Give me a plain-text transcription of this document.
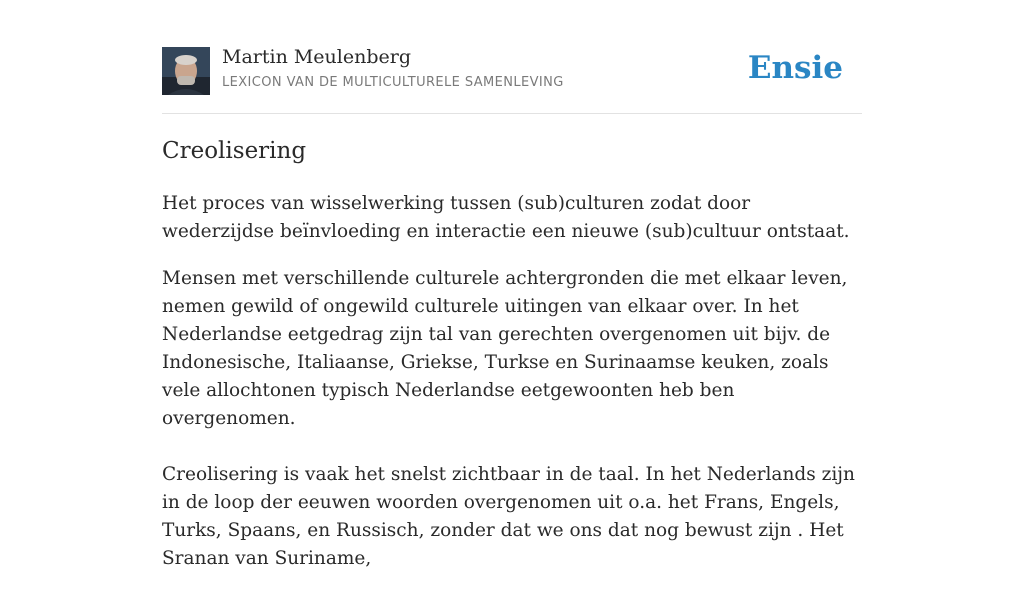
Martin Meulenberg
LEXICON VAN DE MULTICULTURELE SAMENLEVING	Ensie
Creolisering
Het proces van wisselwerking tussen (sub)culturen zodat door wederzijdse beïnvloeding en interactie een nieuwe (sub)cultuur ontstaat.

Mensen met verschillende culturele achtergronden die met elkaar leven, nemen gewild of ongewild culturele uitingen van elkaar over. In het Nederlandse eetgedrag zijn tal van gerechten overgenomen uit bijv. de Indonesische, Italiaanse, Griekse, Turkse en Surinaamse keuken, zoals vele allochtonen typisch Nederlandse eetgewoonten heb ben overgenomen.

Creolisering is vaak het snelst zichtbaar in de taal. In het Nederlands zijn in de loop der eeuwen woorden overgenomen uit o.a. het Frans, Engels, Turks, Spaans, en Russisch, zonder dat we ons dat nog bewust zijn . Het Sranan van Suriname,
